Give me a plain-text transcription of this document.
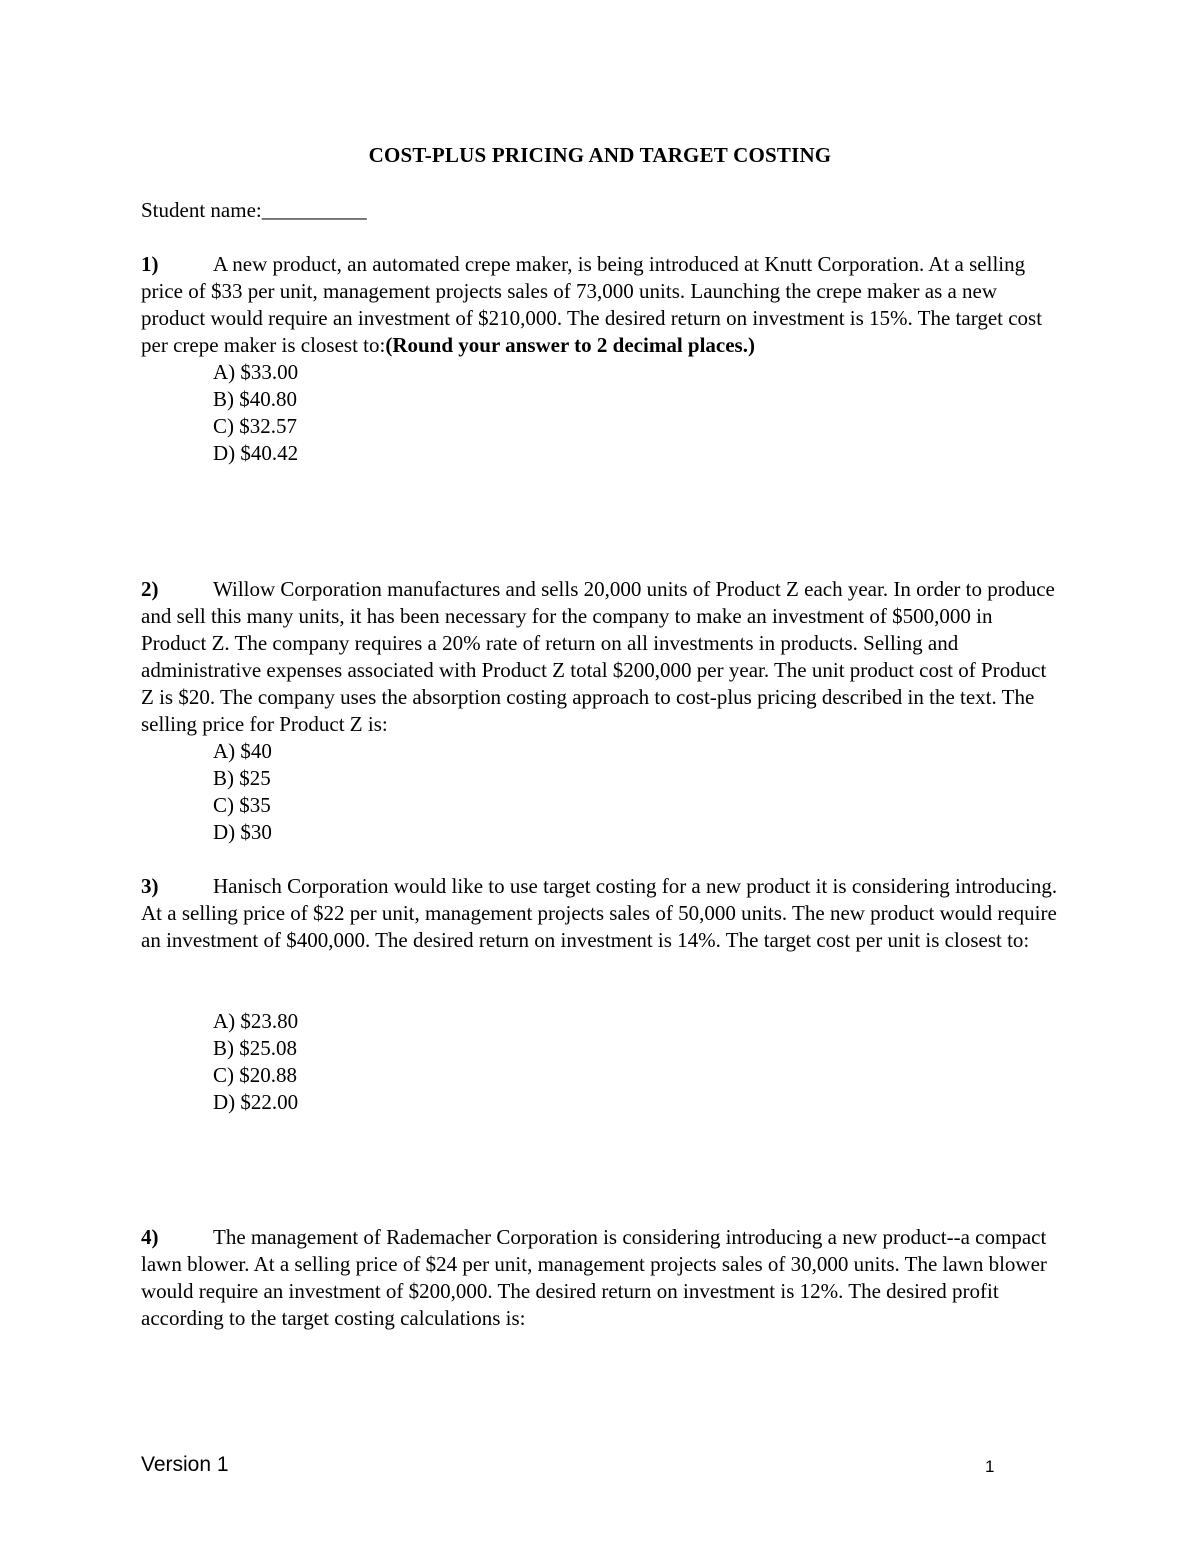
COST-PLUS PRICING AND TARGET COSTING
Student name:__________

1)	A new product, an automated crepe maker, is being introduced at Knutt Corporation. At a selling price of $33 per unit, management projects sales of 73,000 units. Launching the crepe maker as a new product would require an investment of $210,000. The desired return on investment is 15%. The target cost per crepe maker is closest to:(Round your answer to 2 decimal places.)

A) $33.00
B) $40.80
C) $32.57
D) $40.42

2)	Willow Corporation manufactures and sells 20,000 units of Product Z each year. In order to produce and sell this many units, it has been necessary for the company to make an investment of $500,000 in Product Z. The company requires a 20% rate of return on all investments in products. Selling and administrative expenses associated with Product Z total $200,000 per year. The unit product cost of Product Z is $20. The company uses the absorption costing approach to cost-plus pricing described in the text. The selling price for Product Z is:

A) $40
B) $25
C) $35
D) $30

3)	Hanisch Corporation would like to use target costing for a new product it is considering introducing. At a selling price of $22 per unit, management projects sales of 50,000 units. The new product would require an investment of $400,000. The desired return on investment is 14%. The target cost per unit is closest to:

A) $23.80
B) $25.08
C) $20.88
D) $22.00

4)	The management of Rademacher Corporation is considering introducing a new product--a compact lawn blower. At a selling price of $24 per unit, management projects sales of 30,000 units. The lawn blower would require an investment of $200,000. The desired return on investment is 12%. The desired profit according to the target costing calculations is:

Version 1	1
